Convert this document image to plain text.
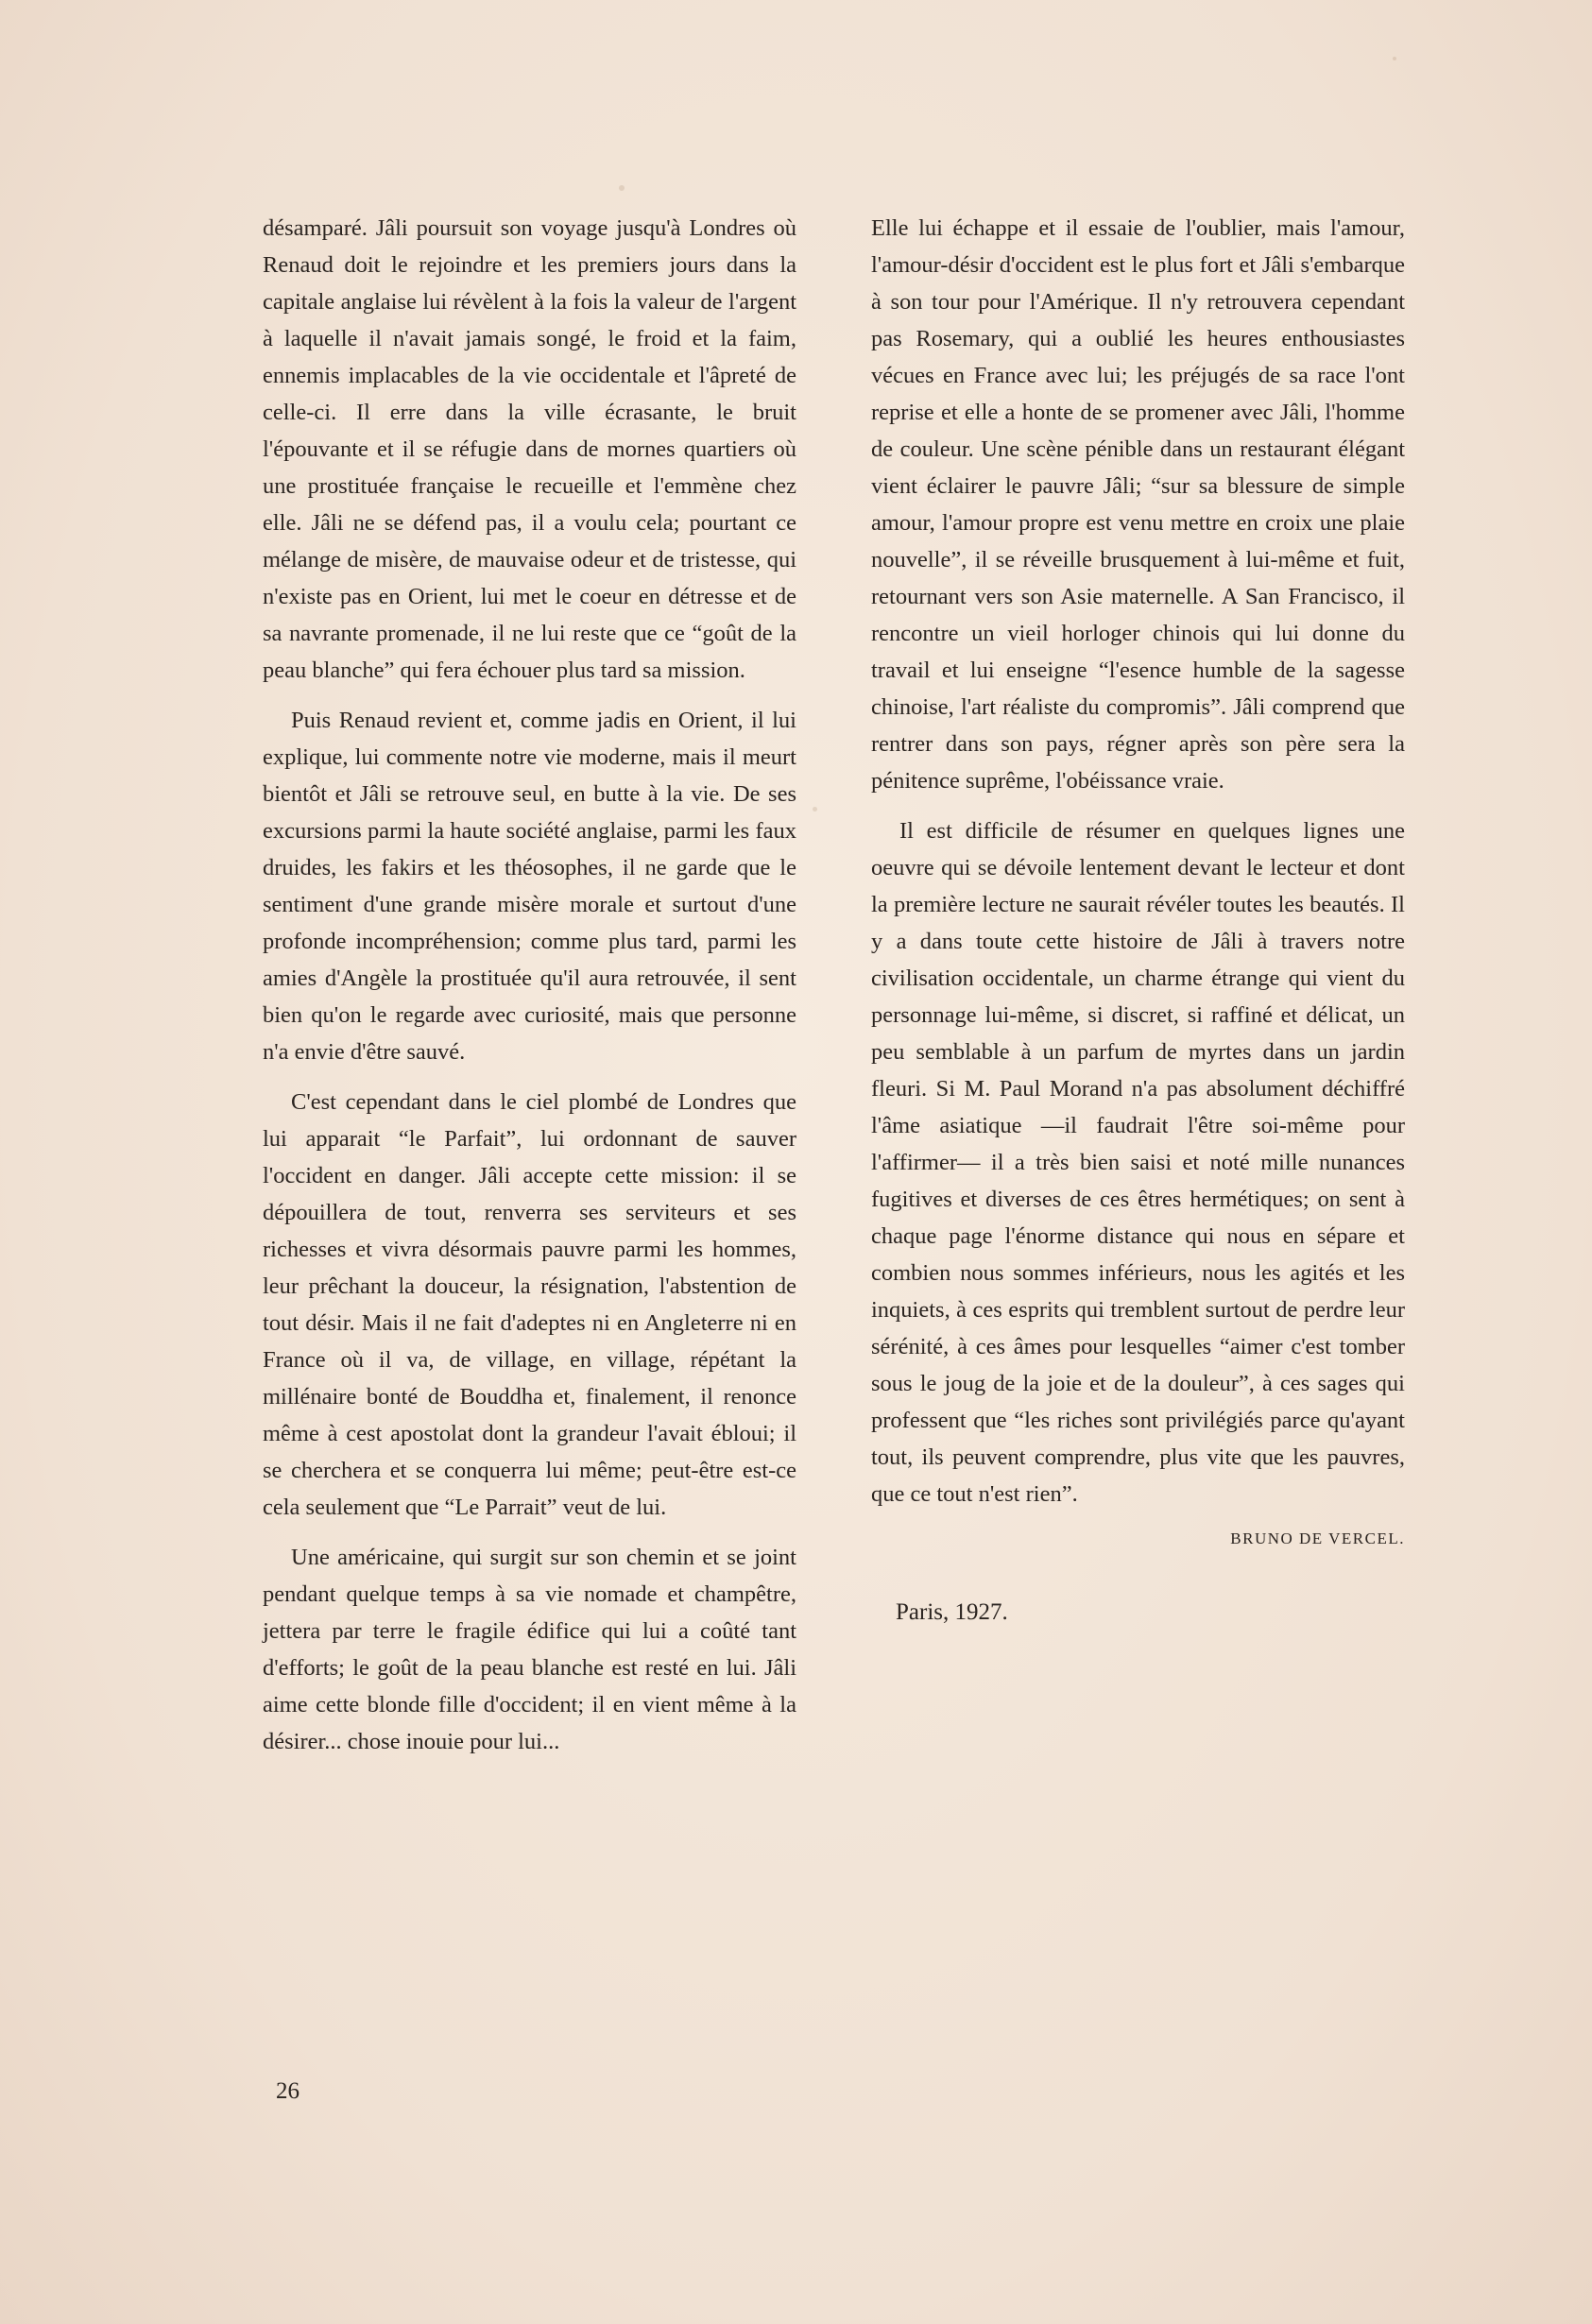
désamparé. Jâli poursuit son voyage jusqu'à Londres où Renaud doit le rejoindre et les premiers jours dans la capitale anglaise lui révèlent à la fois la valeur de l'argent à laquelle il n'avait jamais songé, le froid et la faim, ennemis implacables de la vie occidentale et l'âpreté de celle-ci. Il erre dans la ville écrasante, le bruit l'épouvante et il se réfugie dans de mornes quartiers où une prostituée française le recueille et l'emmène chez elle. Jâli ne se défend pas, il a voulu cela; pourtant ce mélange de misère, de mauvaise odeur et de tristesse, qui n'existe pas en Orient, lui met le coeur en détresse et de sa navrante promenade, il ne lui reste que ce “goût de la peau blanche” qui fera échouer plus tard sa mission.

Puis Renaud revient et, comme jadis en Orient, il lui explique, lui commente notre vie moderne, mais il meurt bientôt et Jâli se retrouve seul, en butte à la vie. De ses excursions parmi la haute société anglaise, parmi les faux druides, les fakirs et les théosophes, il ne garde que le sentiment d'une grande misère morale et surtout d'une profonde incompréhension; comme plus tard, parmi les amies d'Angèle la prostituée qu'il aura retrouvée, il sent bien qu'on le regarde avec curiosité, mais que personne n'a envie d'être sauvé.

C'est cependant dans le ciel plombé de Londres que lui apparait “le Parfait”, lui ordonnant de sauver l'occident en danger. Jâli accepte cette mission: il se dépouillera de tout, renverra ses serviteurs et ses richesses et vivra désormais pauvre parmi les hommes, leur prêchant la douceur, la résignation, l'abstention de tout désir. Mais il ne fait d'adeptes ni en Angleterre ni en France où il va, de village, en village, répétant la millénaire bonté de Bouddha et, finalement, il renonce même à cest apostolat dont la grandeur l'avait ébloui; il se cherchera et se conquerra lui même; peut-être est-ce cela seulement que “Le Parrait” veut de lui.

Une américaine, qui surgit sur son chemin et se joint pendant quelque temps à sa vie nomade et champêtre, jettera par terre le fragile édifice qui lui a coûté tant d'efforts; le goût de la peau blanche est resté en lui. Jâli aime cette blonde fille d'occident; il en vient même à la désirer... chose inouie pour lui...

Elle lui échappe et il essaie de l'oublier, mais l'amour, l'amour-désir d'occident est le plus fort et Jâli s'embarque à son tour pour l'Amérique. Il n'y retrouvera cependant pas Rosemary, qui a oublié les heures enthousiastes vécues en France avec lui; les préjugés de sa race l'ont reprise et elle a honte de se promener avec Jâli, l'homme de couleur. Une scène pénible dans un restaurant élégant vient éclairer le pauvre Jâli; “sur sa blessure de simple amour, l'amour propre est venu mettre en croix une plaie nouvelle”, il se réveille brusquement à lui-même et fuit, retournant vers son Asie maternelle. A San Francisco, il rencontre un vieil horloger chinois qui lui donne du travail et lui enseigne “l'esence humble de la sagesse chinoise, l'art réaliste du compromis”. Jâli comprend que rentrer dans son pays, régner après son père sera la pénitence suprême, l'obéissance vraie.

Il est difficile de résumer en quelques lignes une oeuvre qui se dévoile lentement devant le lecteur et dont la première lecture ne saurait révéler toutes les beautés. Il y a dans toute cette histoire de Jâli à travers notre civilisation occidentale, un charme étrange qui vient du personnage lui-même, si discret, si raffiné et délicat, un peu semblable à un parfum de myrtes dans un jardin fleuri. Si M. Paul Morand n'a pas absolument déchiffré l'âme asiatique —il faudrait l'être soi-même pour l'affirmer— il a très bien saisi et noté mille nunances fugitives et diverses de ces êtres hermétiques; on sent à chaque page l'énorme distance qui nous en sépare et combien nous sommes inférieurs, nous les agités et les inquiets, à ces esprits qui tremblent surtout de perdre leur sérénité, à ces âmes pour lesquelles “aimer c'est tomber sous le joug de la joie et de la douleur”, à ces sages qui professent que “les riches sont privilégiés parce qu'ayant tout, ils peuvent comprendre, plus vite que les pauvres, que ce tout n'est rien”.

BRUNO DE VERCEL.

Paris, 1927.

26
